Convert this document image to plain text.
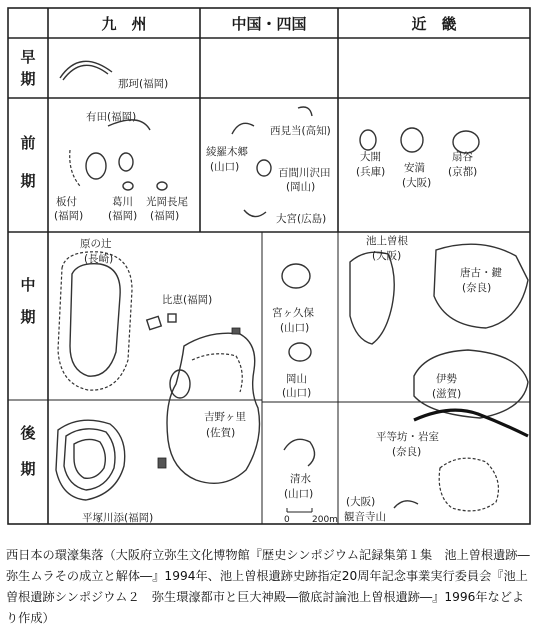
九　州	中国・四国	近　畿
早
期
前
期
中
期
後
期
那珂(福岡)
有田(福岡)
板付
(福岡)
葛川
(福岡)
光岡長尾
(福岡)
綾羅木郷
(山口)
西見当(高知)
百間川沢田
(岡山)
大宮(広島)
大開
(兵庫) 安満
(大阪)
扇谷
(京都)
原の辻
(長崎)
比恵(福岡)
吉野ヶ里
(佐賀)
平塚川添(福岡)
宮ヶ久保
(山口)
岡山
(山口)
清水
(山口)
0 200m
池上曽根
(大阪)
唐古・鍵
(奈良)
伊勢
(滋賀)
平等坊・岩室
(奈良)
(大阪)
観音寺山

西日本の環濠集落（大阪府立弥生文化博物館『歴史シンポジウム記録集第１集　池上曽根遺跡―弥生ムラその成立と解体―』1994年、池上曽根遺跡史跡指定20周年記念事業実行委員会『池上曽根遺跡シンポジウム２　弥生環濠都市と巨大神殿―徹底討論池上曽根遺跡―』1996年などより作成）
